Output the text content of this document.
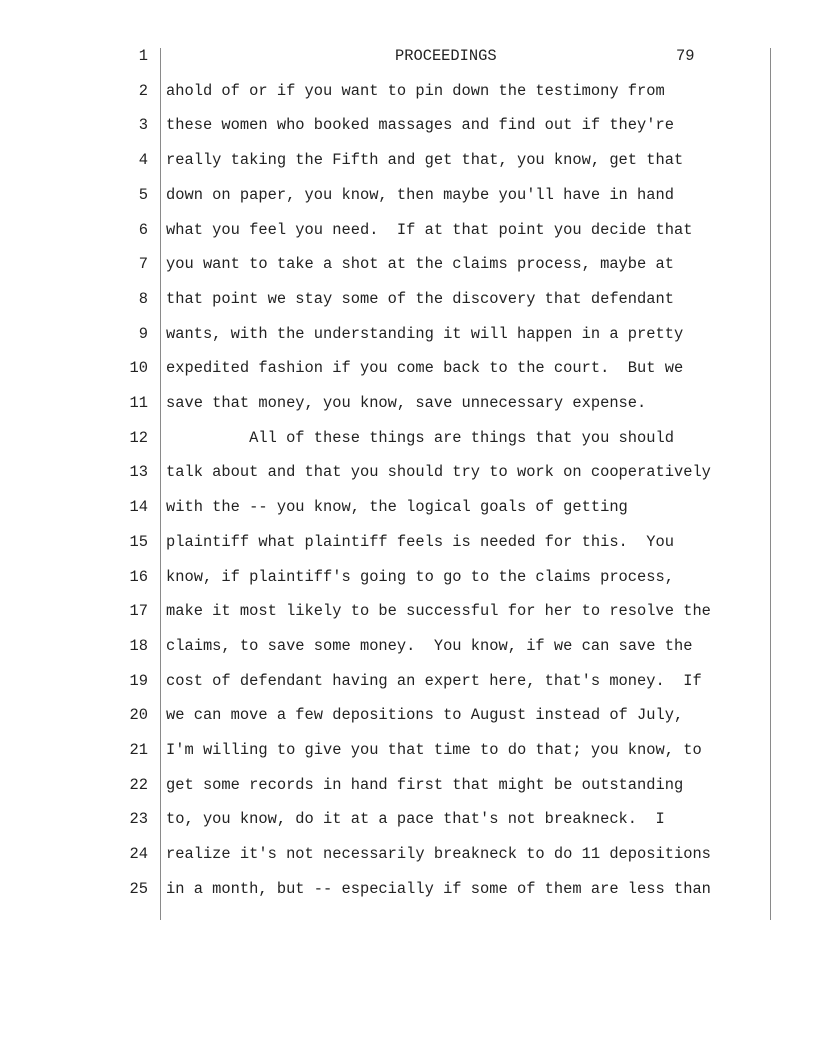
1	PROCEEDINGS	79
2 ahold of or if you want to pin down the testimony from
3 these women who booked massages and find out if they're
4 really taking the Fifth and get that, you know, get that
5 down on paper, you know, then maybe you'll have in hand
6 what you feel you need.  If at that point you decide that
7 you want to take a shot at the claims process, maybe at
8 that point we stay some of the discovery that defendant
9 wants, with the understanding it will happen in a pretty
10 expedited fashion if you come back to the court.  But we
11 save that money, you know, save unnecessary expense.
12 All of these things are things that you should
13 talk about and that you should try to work on cooperatively
14 with the -- you know, the logical goals of getting
15 plaintiff what plaintiff feels is needed for this.  You
16 know, if plaintiff's going to go to the claims process,
17 make it most likely to be successful for her to resolve the
18 claims, to save some money.  You know, if we can save the
19 cost of defendant having an expert here, that's money.  If
20 we can move a few depositions to August instead of July,
21 I'm willing to give you that time to do that; you know, to
22 get some records in hand first that might be outstanding
23 to, you know, do it at a pace that's not breakneck.  I
24 realize it's not necessarily breakneck to do 11 depositions
25 in a month, but -- especially if some of them are less than
